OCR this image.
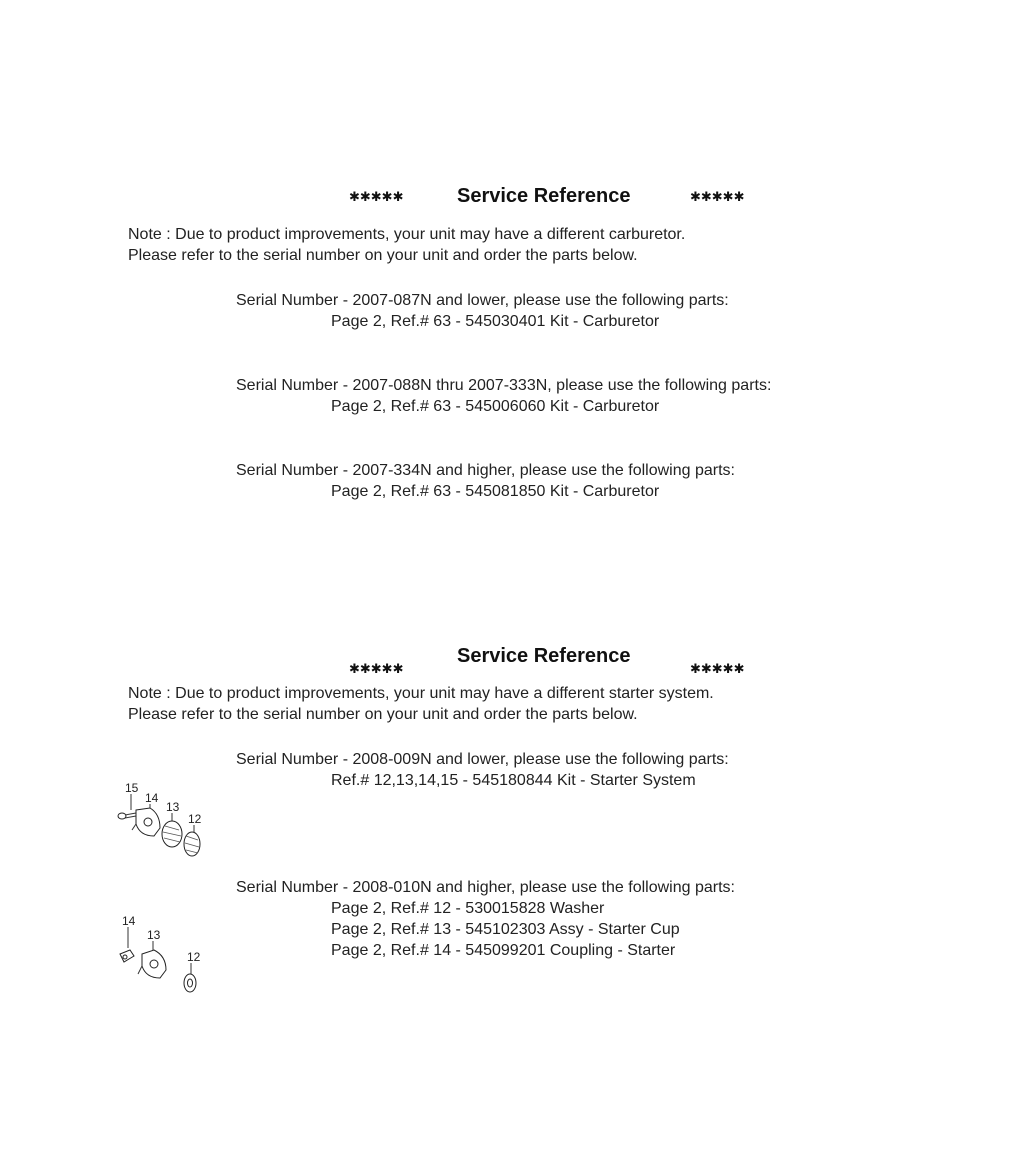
✱✱✱✱✱	Service Reference	✱✱✱✱✱
Note : Due to product improvements, your unit may have a different carburetor.
Please refer to the serial number on your unit and order the parts below.
Serial Number - 2007-087N and lower, please use the following parts:
Page 2, Ref.# 63 - 545030401 Kit - Carburetor
Serial Number - 2007-088N thru 2007-333N, please use the following parts:
Page 2, Ref.# 63 - 545006060 Kit - Carburetor
Serial Number - 2007-334N and higher, please use the following parts:
Page 2, Ref.# 63 - 545081850 Kit - Carburetor
Service Reference
✱✱✱✱✱	✱✱✱✱✱
Note : Due to product improvements, your unit may have a different starter system.
Please refer to the serial number on your unit and order the parts below.
Serial Number - 2008-009N and lower, please use the following parts:
Ref.# 12,13,14,15 - 545180844 Kit - Starter System
15
14
13
12
Serial Number - 2008-010N and higher, please use the following parts:
Page 2, Ref.# 12 - 530015828 Washer
Page 2, Ref.# 13 - 545102303 Assy - Starter Cup
Page 2, Ref.# 14 - 545099201 Coupling - Starter
14
13
12
